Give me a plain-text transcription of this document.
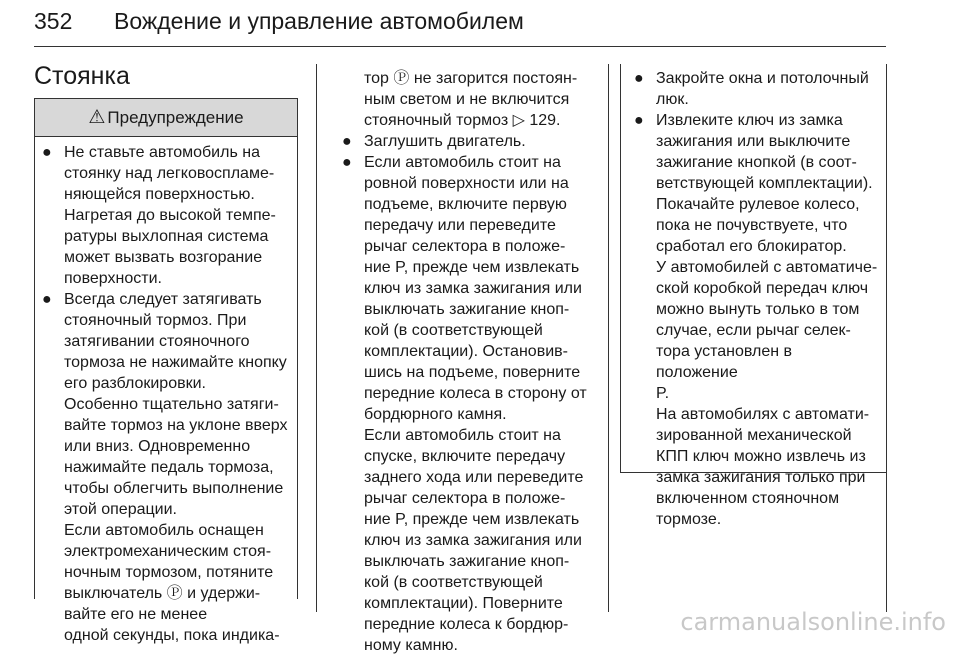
352 Вождение и управление автомобилем
Стоянка
⚠ Предупреждение

● Не ставьте автомобиль на
стоянку над легковоспламе-
няющейся поверхностью.
Нагретая до высокой темпе-
ратуры выхлопная система
может вызвать возгорание
поверхности.

● Всегда следует затягивать
стояночный тормоз. При
затягивании стояночного
тормоза не нажимайте кнопку
его разблокировки.
Особенно тщательно затяги-
вайте тормоз на уклоне вверх
или вниз. Одновременно
нажимайте педаль тормоза,
чтобы облегчить выполнение
этой операции.

Если автомобиль оснащен
электромеханическим стоя-
ночным тормозом, потяните
выключатель Ⓟ и удержи-
вайте его не менее
одной секунды, пока индика-

тор Ⓟ не загорится постоян-
ным светом и не включится
стояночный тормоз ▷ 129.

● Заглушить двигатель.

● Если автомобиль стоит на
ровной поверхности или на
подъеме, включите первую
передачу или переведите
рычаг селектора в положе-
ние P, прежде чем извлекать
ключ из замка зажигания или
выключать зажигание кноп-
кой (в соответствующей
комплектации). Остановив-
шись на подъеме, поверните
передние колеса в сторону от
бордюрного камня.

Если автомобиль стоит на
спуске, включите передачу
заднего хода или переведите
рычаг селектора в положе-
ние P, прежде чем извлекать
ключ из замка зажигания или
выключать зажигание кноп-
кой (в соответствующей
комплектации). Поверните
передние колеса к бордюр-
ному камню.

● Закройте окна и потолочный
люк.

● Извлеките ключ из замка
зажигания или выключите
зажигание кнопкой (в соот-
ветствующей комплектации).
Покачайте рулевое колесо,
пока не почувствуете, что
сработал его блокиратор.

У автомобилей с автоматиче-
ской коробкой передач ключ
можно вынуть только в том
случае, если рычаг селек-
тора установлен в положение
P.

На автомобилях с автомати-
зированной механической
КПП ключ можно извлечь из
замка зажигания только при
включенном стояночном
тормозе.

carmanualsonline.info
